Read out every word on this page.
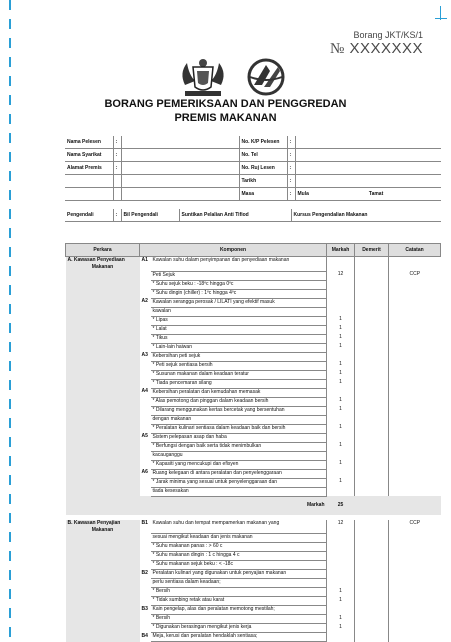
Borang JKT/KS/1
№ XXXXXXX
BORANG PEMERIKSAAN DAN PENGGREDAN
PREMIS MAKANAN
Nama Pelesen	:		No. K/P Pelesen	:	
Nama Syarikat	:		No. Tel	:	
Alamat Premis	:		No. Ruj Lesen	:	
			Tarikh	:	
			Masa	:	Mula Tamat
Pengendali	:	Bil Pengendali	Suntikan Pelalian Anti Tifiod	Kursus Pengendalian Makanan
Perkara	Komponen		Markah	Demerit	Catatan

A. Kawasan Penyediaan
Makanan	A1	Kawalan suhu dalam penyimpanan dan penyediaan makanan			
		Peti Sejuk	12		CCP
		* Suhu sejuk beku : -18ºc hingga 0ºc			
		* Suhu dingin (chiller) : 1ºc hingga 4ºc			
	A2	Kawalan serangga perosak / LILATI yang efektif masuk			
		kawalan			
		* Lipas	1		
		* Lalat	1		
		* Tikus	1		
		* Lain-lain haiwan	1		
	A3	Kebersihan peti sejuk			
		* Peti sejuk sentiasa bersih	1		
		* Susunan makanan dalam keadaan teratur	1		
		* Tiada pencemaran silang	1		
	A4	Kebersihan peralatan dan kemudahan memasak			
		* Alas pemotong dan pinggan dalam keadaan bersih	1		
		* Dilarang menggunakan kertas bercetak yang bersentuhan	1		
		dengan makanan			
		* Peralatan kulinari sentiasa dalam keadaan baik dan bersih	1		
	A5	Sistem pelepasan asap dan haba			
		* Berfungsi dengan baik serta tidak menimbulkan	1		
		kacauganggu			
		* Kapasiti yang mencukupi dan efisyen	1		
	A6	Ruang kelegaan di antara peralatan dan penyelenggaraan			
		* Jarak minima yang sesuai untuk penyelenggaraan dan	1		
		tiada kesesakan			
		Markah	25		

B. Kawasan Penyajian
Makanan	B1	Kawalan suhu dan tempat mempamerkan makanan yang	12		CCP
		sesuai mengikut keadaan dan jenis makanan			
		* Suhu makanan panas : > 60 c			
		* Suhu makanan dingin : 1 c hingga 4 c			
		* Suhu makanan sejuk beku : < -18c			
	B2	Peralatan kulinari yang digunakan untuk penyajian makanan			
		perlu sentiasa dalam keadaan;			
		* Bersih	1		
		* Tidak sumbing retak atau karat	1		
	B3	Kain pengelap, alas dan peralatan memotong mestilah;			
		* Bersih	1		
		* Digunakan berasingan mengikut jenis kerja	1		
	B4	Meja, kerusi dan peralatan hendaklah sentiasa;			
